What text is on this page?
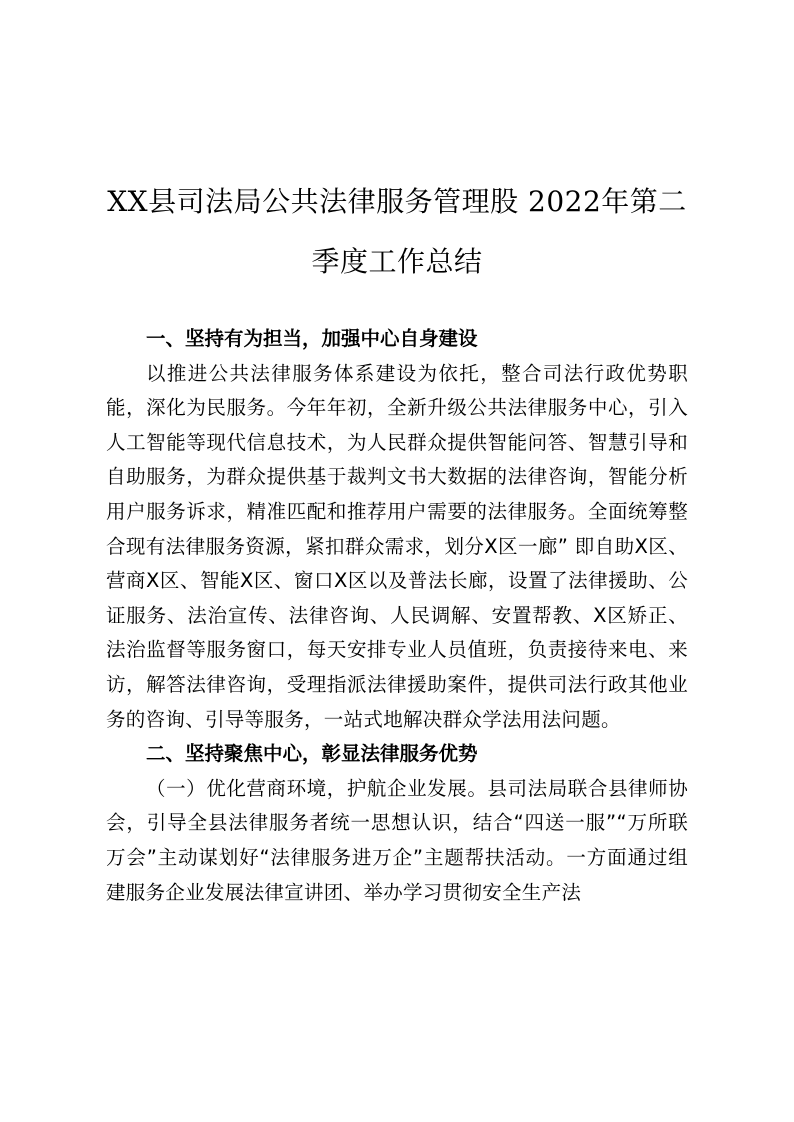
XX县司法局公共法律服务管理股 2022年第二季度工作总结

一、坚持有为担当，加强中心自身建设

以推进公共法律服务体系建设为依托，整合司法行政优势职能，深化为民服务。今年年初，全新升级公共法律服务中心，引入人工智能等现代信息技术，为人民群众提供智能问答、智慧引导和自助服务，为群众提供基于裁判文书大数据的法律咨询，智能分析用户服务诉求，精准匹配和推荐用户需要的法律服务。全面统筹整合现有法律服务资源，紧扣群众需求，划分X区一廊” 即自助X区、营商X区、智能X区、窗口X区以及普法长廊，设置了法律援助、公证服务、法治宣传、法律咨询、人民调解、安置帮教、X区矫正、法治监督等服务窗口，每天安排专业人员值班，负责接待来电、来访，解答法律咨询，受理指派法律援助案件，提供司法行政其他业务的咨询、引导等服务，一站式地解决群众学法用法问题。

二、坚持聚焦中心，彰显法律服务优势

（一）优化营商环境，护航企业发展。县司法局联合县律师协会，引导全县法律服务者统一思想认识，结合“四送一服”“万所联万会”主动谋划好“法律服务进万企”主题帮扶活动。一方面通过组建服务企业发展法律宣讲团、举办学习贯彻安全生产法
